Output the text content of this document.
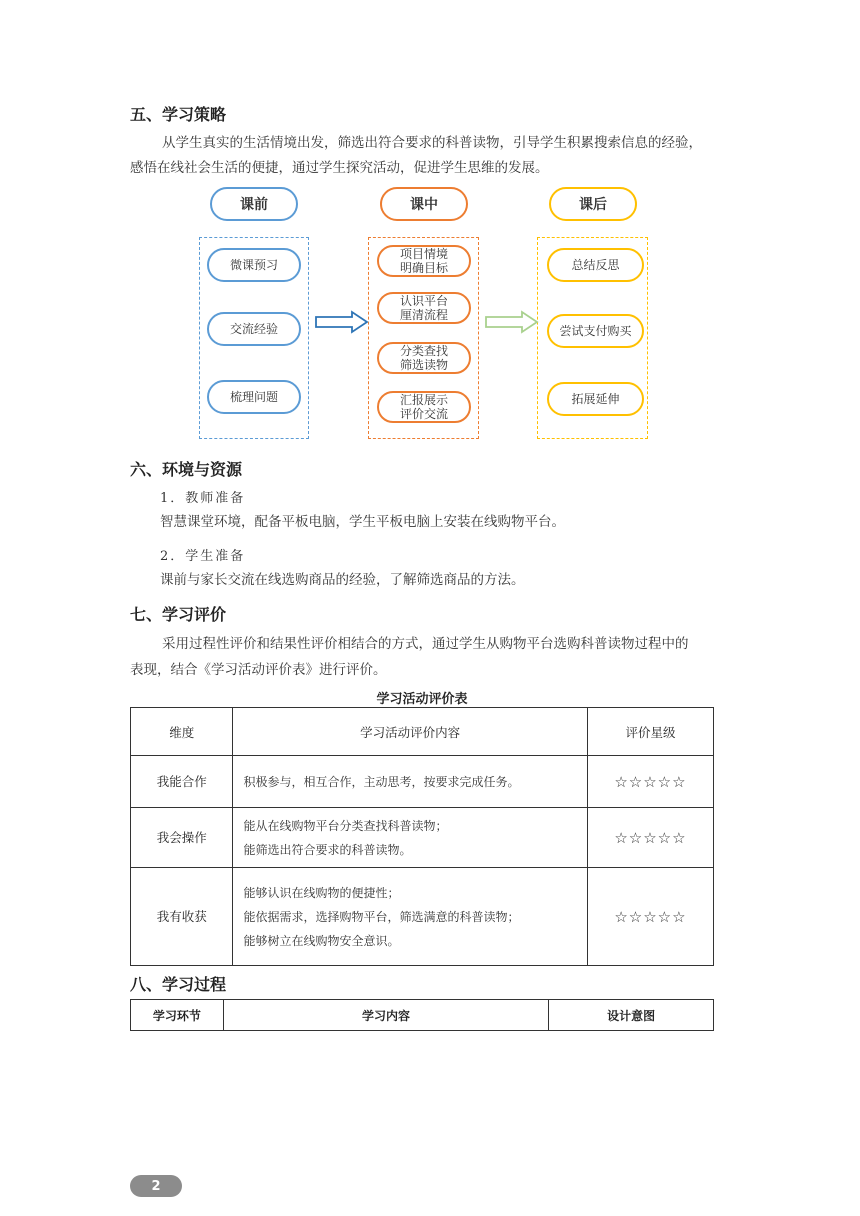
五、学习策略
从学生真实的生活情境出发，筛选出符合要求的科普读物，引导学生积累搜索信息的经验，
感悟在线社会生活的便捷，通过学生探究活动，促进学生思维的发展。
课前	课中	课后
微课预习
交流经验
梳理问题
项目情境
明确目标
认识平台
厘清流程
分类查找
筛选读物
汇报展示
评价交流
总结反思
尝试支付购买
拓展延伸
六、环境与资源
1．教师准备
智慧课堂环境，配备平板电脑，学生平板电脑上安装在线购物平台。
2．学生准备
课前与家长交流在线选购商品的经验，了解筛选商品的方法。
七、学习评价
采用过程性评价和结果性评价相结合的方式，通过学生从购物平台选购科普读物过程中的
表现，结合《学习活动评价表》进行评价。
学习活动评价表
维度	学习活动评价内容	评价星级
我能合作	积极参与，相互合作，主动思考，按要求完成任务。	☆☆☆☆☆
我会操作	能从在线购物平台分类查找科普读物；
能筛选出符合要求的科普读物。	☆☆☆☆☆
我有收获	能够认识在线购物的便捷性；
能依据需求，选择购物平台，筛选满意的科普读物；
能够树立在线购物安全意识。	☆☆☆☆☆
八、学习过程
学习环节	学习内容	设计意图
2
